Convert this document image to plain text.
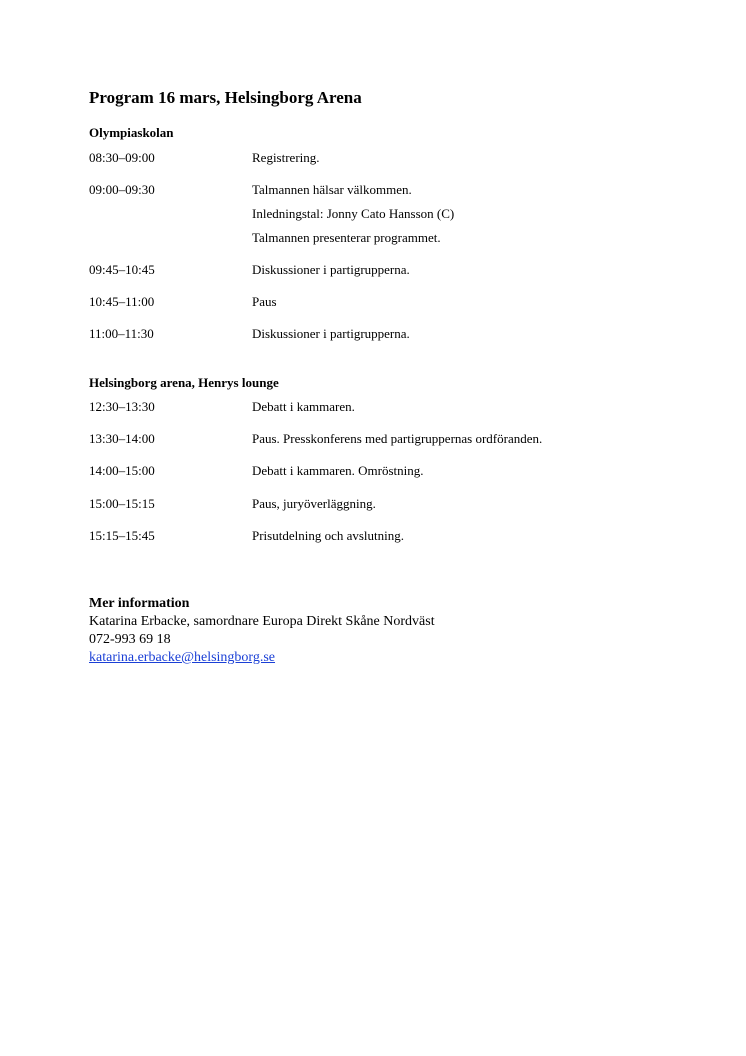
Program 16 mars, Helsingborg Arena
Olympiaskolan
08:30–09:00	Registrering.
09:00–09:30	Talmannen hälsar välkommen.
Inledningstal: Jonny Cato Hansson (C)
Talmannen presenterar programmet.
09:45–10:45	Diskussioner i partigrupperna.
10:45–11:00	Paus
11:00–11:30	Diskussioner i partigrupperna.
Helsingborg arena, Henrys lounge
12:30–13:30	Debatt i kammaren.
13:30–14:00	Paus. Presskonferens med partigruppernas ordföranden.
14:00–15:00	Debatt i kammaren. Omröstning.
15:00–15:15	Paus, juryöverläggning.
15:15–15:45	Prisutdelning och avslutning.
Mer information
Katarina Erbacke, samordnare Europa Direkt Skåne Nordväst
072-993 69 18
katarina.erbacke@helsingborg.se
